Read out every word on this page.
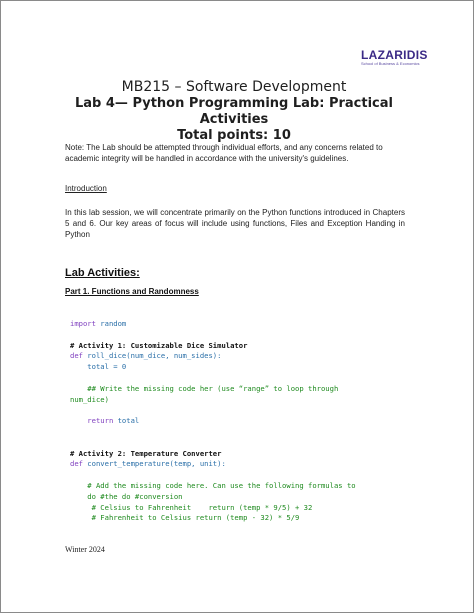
LAZARIDIS
School of Business & Economics
MB215 – Software Development
Lab 4— Python Programming Lab: Practical Activities
Total points: 10
Note: The Lab should be attempted through individual efforts, and any concerns related to academic integrity will be handled in accordance with the university's guidelines.
Introduction
In this lab session, we will concentrate primarily on the Python functions introduced in Chapters 5 and 6. Our key areas of focus will include using functions, Files and Exception Handing in Python
Lab Activities:
Part 1. Functions and Randomness
import random
# Activity 1: Customizable Dice Simulator
def roll_dice(num_dice, num_sides):
total = 0
## Write the missing code her (use “range” to loop through
num_dice)
return total
# Activity 2: Temperature Converter
def convert_temperature(temp, unit):
# Add the missing code here. Can use the following formulas to
do #the do #conversion
# Celsius to Fahrenheit    return (temp * 9/5) + 32
# Fahrenheit to Celsius return (temp - 32) * 5/9
Winter 2024
